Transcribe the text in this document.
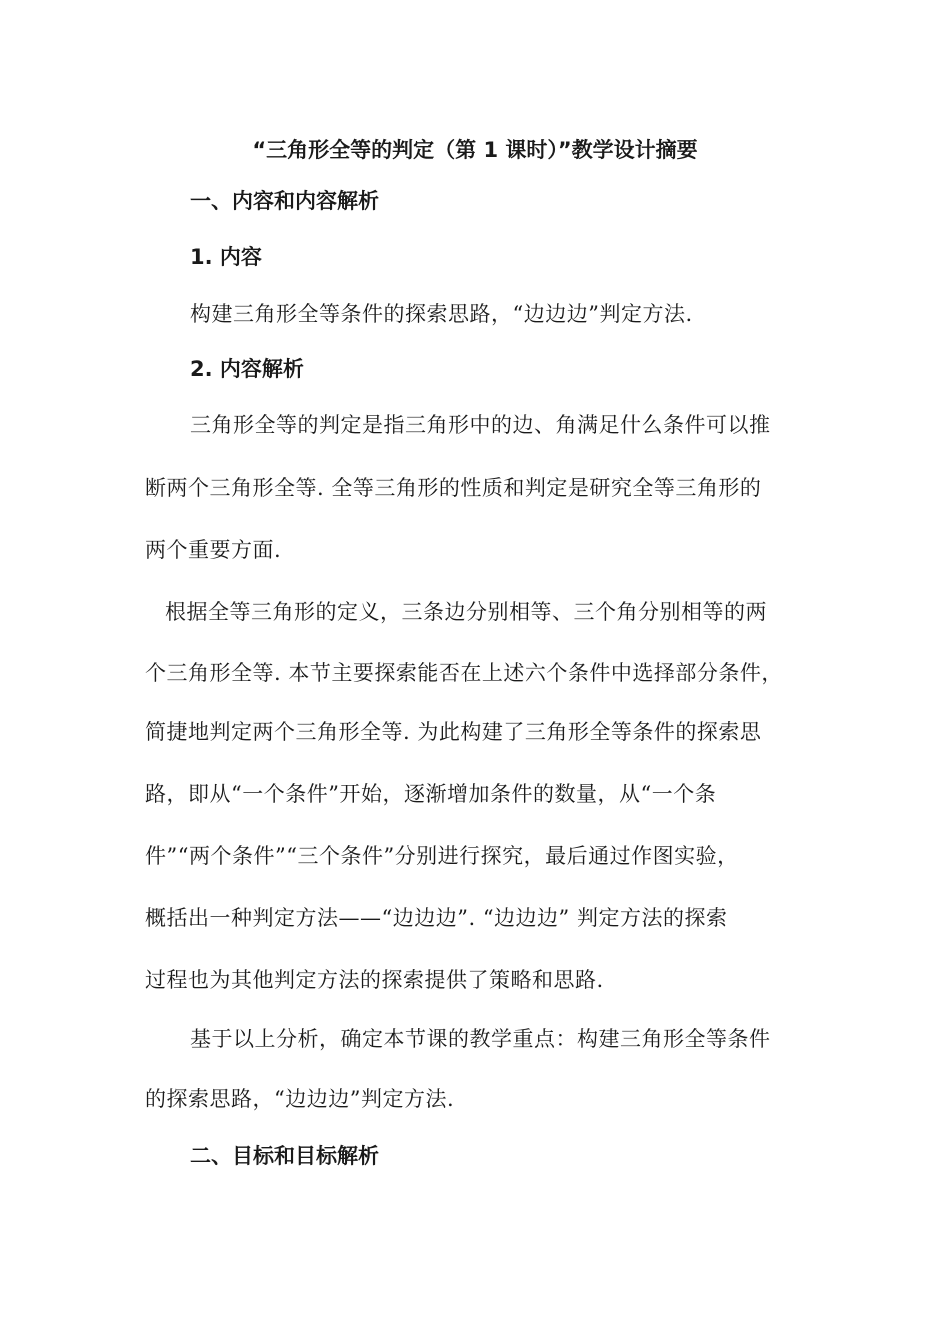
“三角形全等的判定（第 1 课时）”教学设计摘要
一、内容和内容解析
1. 内容
构建三角形全等条件的探索思路，“边边边”判定方法.
2. 内容解析
三角形全等的判定是指三角形中的边、角满足什么条件可以推
断两个三角形全等. 全等三角形的性质和判定是研究全等三角形的
两个重要方面.
根据全等三角形的定义，三条边分别相等、三个角分别相等的两
个三角形全等. 本节主要探索能否在上述六个条件中选择部分条件，
简捷地判定两个三角形全等. 为此构建了三角形全等条件的探索思
路，即从“一个条件”开始，逐渐增加条件的数量，从“一个条
件”“两个条件”“三个条件”分别进行探究，最后通过作图实验，
概括出一种判定方法——“边边边”. “边边边” 判定方法的探索
过程也为其他判定方法的探索提供了策略和思路.
基于以上分析，确定本节课的教学重点：构建三角形全等条件
的探索思路，“边边边”判定方法.
二、目标和目标解析
